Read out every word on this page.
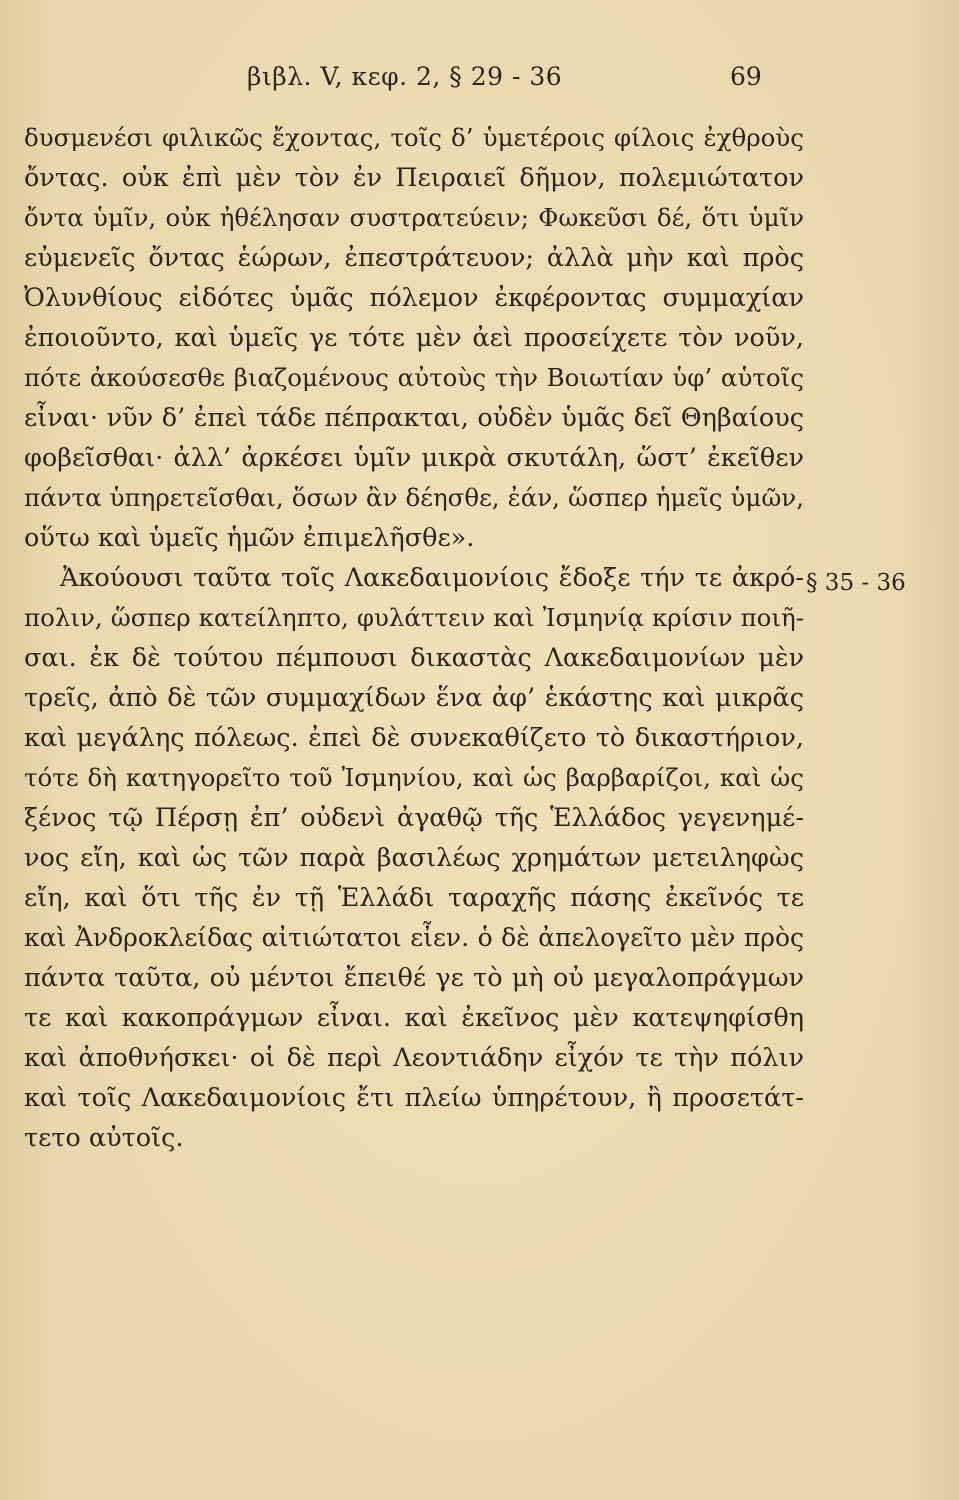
βιβλ. V, κεφ. 2, § 29 - 36	69
δυσμενέσι φιλικῶς ἔχοντας, τοῖς δ’ ὑμετέροις φίλοις ἐχθροὺς
ὄντας. οὐκ ἐπὶ μὲν τὸν ἐν Πειραιεῖ δῆμον, πολεμιώτατον
ὄντα ὑμῖν, οὐκ ἠθέλησαν συστρατεύειν; Φωκεῦσι δέ, ὅτι ὑμῖν
εὐμενεῖς ὄντας ἑώρων, ἐπεστράτευον; ἀλλὰ μὴν καὶ πρὸς
Ὀλυνθίους εἰδότες ὑμᾶς πόλεμον ἐκφέροντας συμμαχίαν
ἐποιοῦντο, καὶ ὑμεῖς γε τότε μὲν ἀεὶ προσείχετε τὸν νοῦν,
πότε ἀκούσεσθε βιαζομένους αὐτοὺς τὴν Βοιωτίαν ὑφ’ αὑτοῖς
εἶναι· νῦν δ’ ἐπεὶ τάδε πέπρακται, οὐδὲν ὑμᾶς δεῖ Θηβαίους
φοβεῖσθαι· ἀλλ’ ἀρκέσει ὑμῖν μικρὰ σκυτάλη, ὥστ’ ἐκεῖθεν
πάντα ὑπηρετεῖσθαι, ὅσων ἂν δέησθε, ἐάν, ὥσπερ ἡμεῖς ὑμῶν,
οὕτω καὶ ὑμεῖς ἡμῶν ἐπιμελῆσθε».
Ἀκούουσι ταῦτα τοῖς Λακεδαιμονίοις ἔδοξε τήν τε ἀκρό-
πολιν, ὥσπερ κατείληπτο, φυλάττειν καὶ Ἰσμηνίᾳ κρίσιν ποιῆ-
σαι. ἐκ δὲ τούτου πέμπουσι δικαστὰς Λακεδαιμονίων μὲν
τρεῖς, ἀπὸ δὲ τῶν συμμαχίδων ἕνα ἀφ’ ἑκάστης καὶ μικρᾶς
καὶ μεγάλης πόλεως. ἐπεὶ δὲ συνεκαθίζετο τὸ δικαστήριον,
τότε δὴ κατηγορεῖτο τοῦ Ἰσμηνίου, καὶ ὡς βαρβαρίζοι, καὶ ὡς
ξένος τῷ Πέρσῃ ἐπ’ οὐδενὶ ἀγαθῷ τῆς Ἑλλάδος γεγενημέ-
νος εἴη, καὶ ὡς τῶν παρὰ βασιλέως χρημάτων μετειληφὼς
εἴη, καὶ ὅτι τῆς ἐν τῇ Ἑλλάδι ταραχῆς πάσης ἐκεῖνός τε
καὶ Ἀνδροκλείδας αἰτιώτατοι εἶεν. ὁ δὲ ἀπελογεῖτο μὲν πρὸς
πάντα ταῦτα, οὐ μέντοι ἔπειθέ γε τὸ μὴ οὐ μεγαλοπράγμων
τε καὶ κακοπράγμων εἶναι. καὶ ἐκεῖνος μὲν κατεψηφίσθη
καὶ ἀποθνήσκει· οἱ δὲ περὶ Λεοντιάδην εἶχόν τε τὴν πόλιν
καὶ τοῖς Λακεδαιμονίοις ἔτι πλείω ὑπηρέτουν, ἢ προσετάτ-
τετο αὐτοῖς.
§ 35 - 36
